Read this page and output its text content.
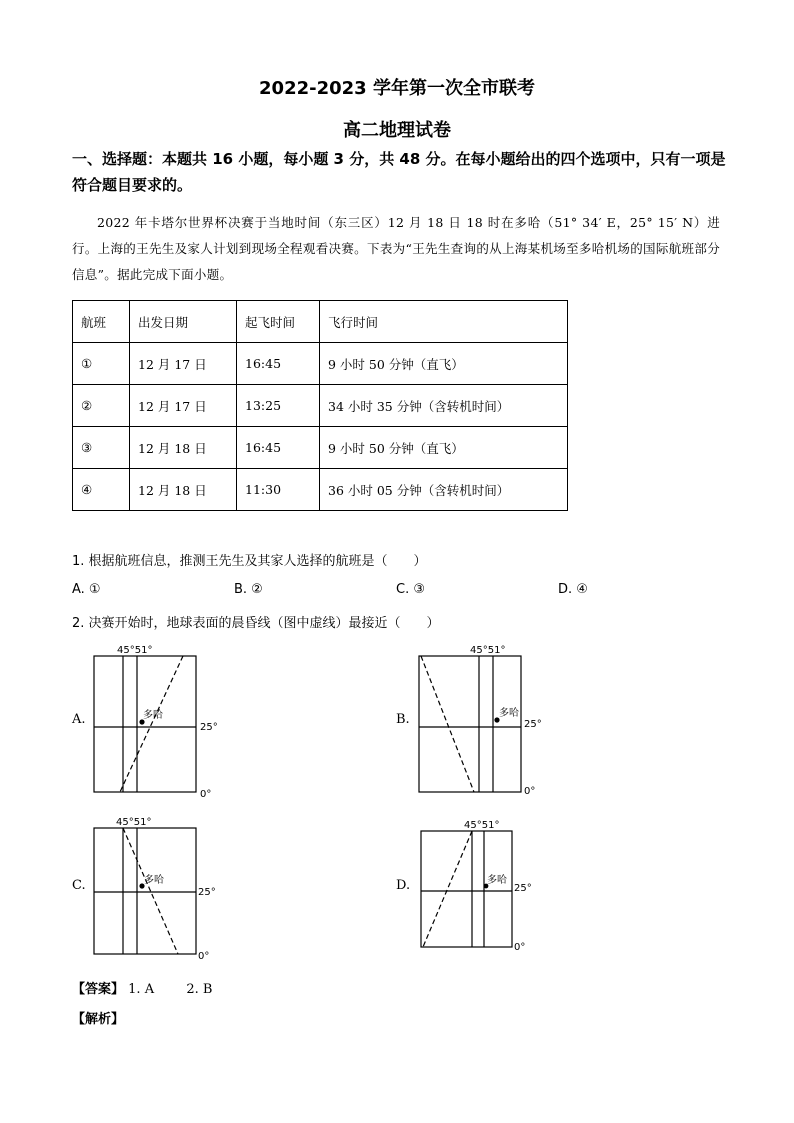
2022-2023 学年第一次全市联考
高二地理试卷
一、选择题：本题共 16 小题，每小题 3 分，共 48 分。在每小题给出的四个选项中，只有一项是符合题目要求的。
2022 年卡塔尔世界杯决赛于当地时间（东三区）12 月 18 日 18 时在多哈（51° 34′ E，25° 15′ N）进行。上海的王先生及家人计划到现场全程观看决赛。下表为“王先生查询的从上海某机场至多哈机场的国际航班部分信息”。据此完成下面小题。
航班	出发日期	起飞时间	飞行时间
①	12 月 17 日	16:45	9 小时 50 分钟（直飞）
②	12 月 17 日	13:25	34 小时 35 分钟（含转机时间）
③	12 月 18 日	16:45	9 小时 50 分钟（直飞）
④	12 月 18 日	11:30	36 小时 05 分钟（含转机时间）
1. 根据航班信息，推测王先生及其家人选择的航班是（　　）
A. ①	B. ②	C. ③	D. ④
2. 决赛开始时，地球表面的晨昏线（图中虚线）最接近（　　）
A.
45°51°
多哈
25°
0°
B.
45°51°
多哈
25°
0°
C.
45°51°
多哈
25°
0°
D.
45°51°
多哈
25°
0°
【答案】 1. A 2. B
【解析】
